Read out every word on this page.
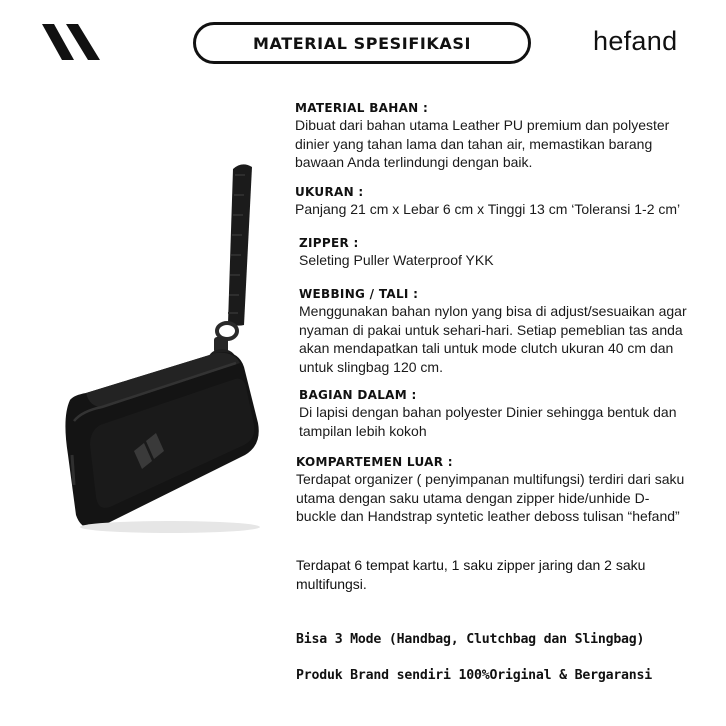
MATERIAL SPESIFIKASI	hefand
MATERIAL BAHAN :
Dibuat dari bahan utama Leather PU premium dan polyester
dinier yang tahan lama dan tahan air, memastikan barang
bawaan Anda terlindungi dengan baik.
UKURAN :
Panjang 21 cm x Lebar 6 cm x Tinggi 13 cm ‘Toleransi 1-2 cm’
ZIPPER :
Seleting Puller Waterproof YKK
WEBBING / TALI :
Menggunakan bahan nylon yang bisa di adjust/sesuaikan agar
nyaman di pakai untuk sehari-hari. Setiap pemeblian tas anda
akan mendapatkan tali untuk mode clutch ukuran 40 cm dan
untuk slingbag 120 cm.
BAGIAN DALAM :
Di lapisi dengan bahan polyester Dinier sehingga bentuk dan
tampilan lebih kokoh
KOMPARTEMEN LUAR :
Terdapat organizer ( penyimpanan multifungsi) terdiri dari saku
utama dengan saku utama dengan zipper hide/unhide D-
buckle dan Handstrap syntetic leather deboss tulisan “hefand”
Terdapat 6 tempat kartu, 1 saku zipper jaring dan 2 saku
multifungsi.
Bisa 3 Mode (Handbag, Clutchbag dan Slingbag)
Produk Brand sendiri 100%Original & Bergaransi
